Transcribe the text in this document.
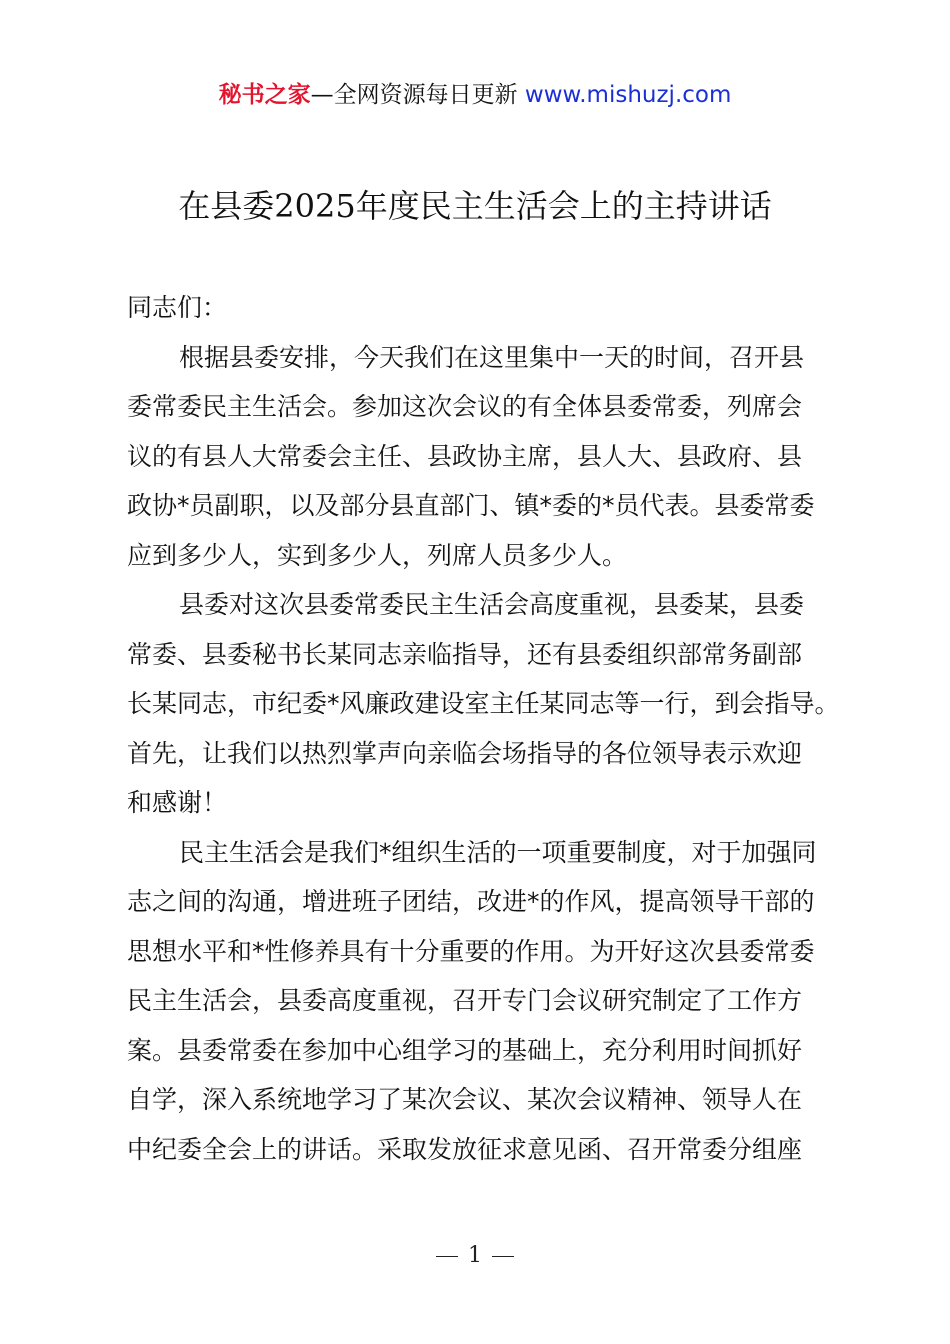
秘书之家—全网资源每日更新 www.mishuzj.com
在县委2025年度民主生活会上的主持讲话
同志们：
根据县委安排，今天我们在这里集中一天的时间，召开县
委常委民主生活会。参加这次会议的有全体县委常委，列席会
议的有县人大常委会主任、县政协主席，县人大、县政府、县
政协*员副职，以及部分县直部门、镇*委的*员代表。县委常委
应到多少人，实到多少人，列席人员多少人。
县委对这次县委常委民主生活会高度重视，县委某，县委
常委、县委秘书长某同志亲临指导，还有县委组织部常务副部
长某同志，市纪委*风廉政建设室主任某同志等一行，到会指导。
首先，让我们以热烈掌声向亲临会场指导的各位领导表示欢迎
和感谢！
民主生活会是我们*组织生活的一项重要制度，对于加强同
志之间的沟通，增进班子团结，改进*的作风，提高领导干部的
思想水平和*性修养具有十分重要的作用。为开好这次县委常委
民主生活会，县委高度重视，召开专门会议研究制定了工作方
案。县委常委在参加中心组学习的基础上，充分利用时间抓好
自学，深入系统地学习了某次会议、某次会议精神、领导人在
中纪委全会上的讲话。采取发放征求意见函、召开常委分组座
1
